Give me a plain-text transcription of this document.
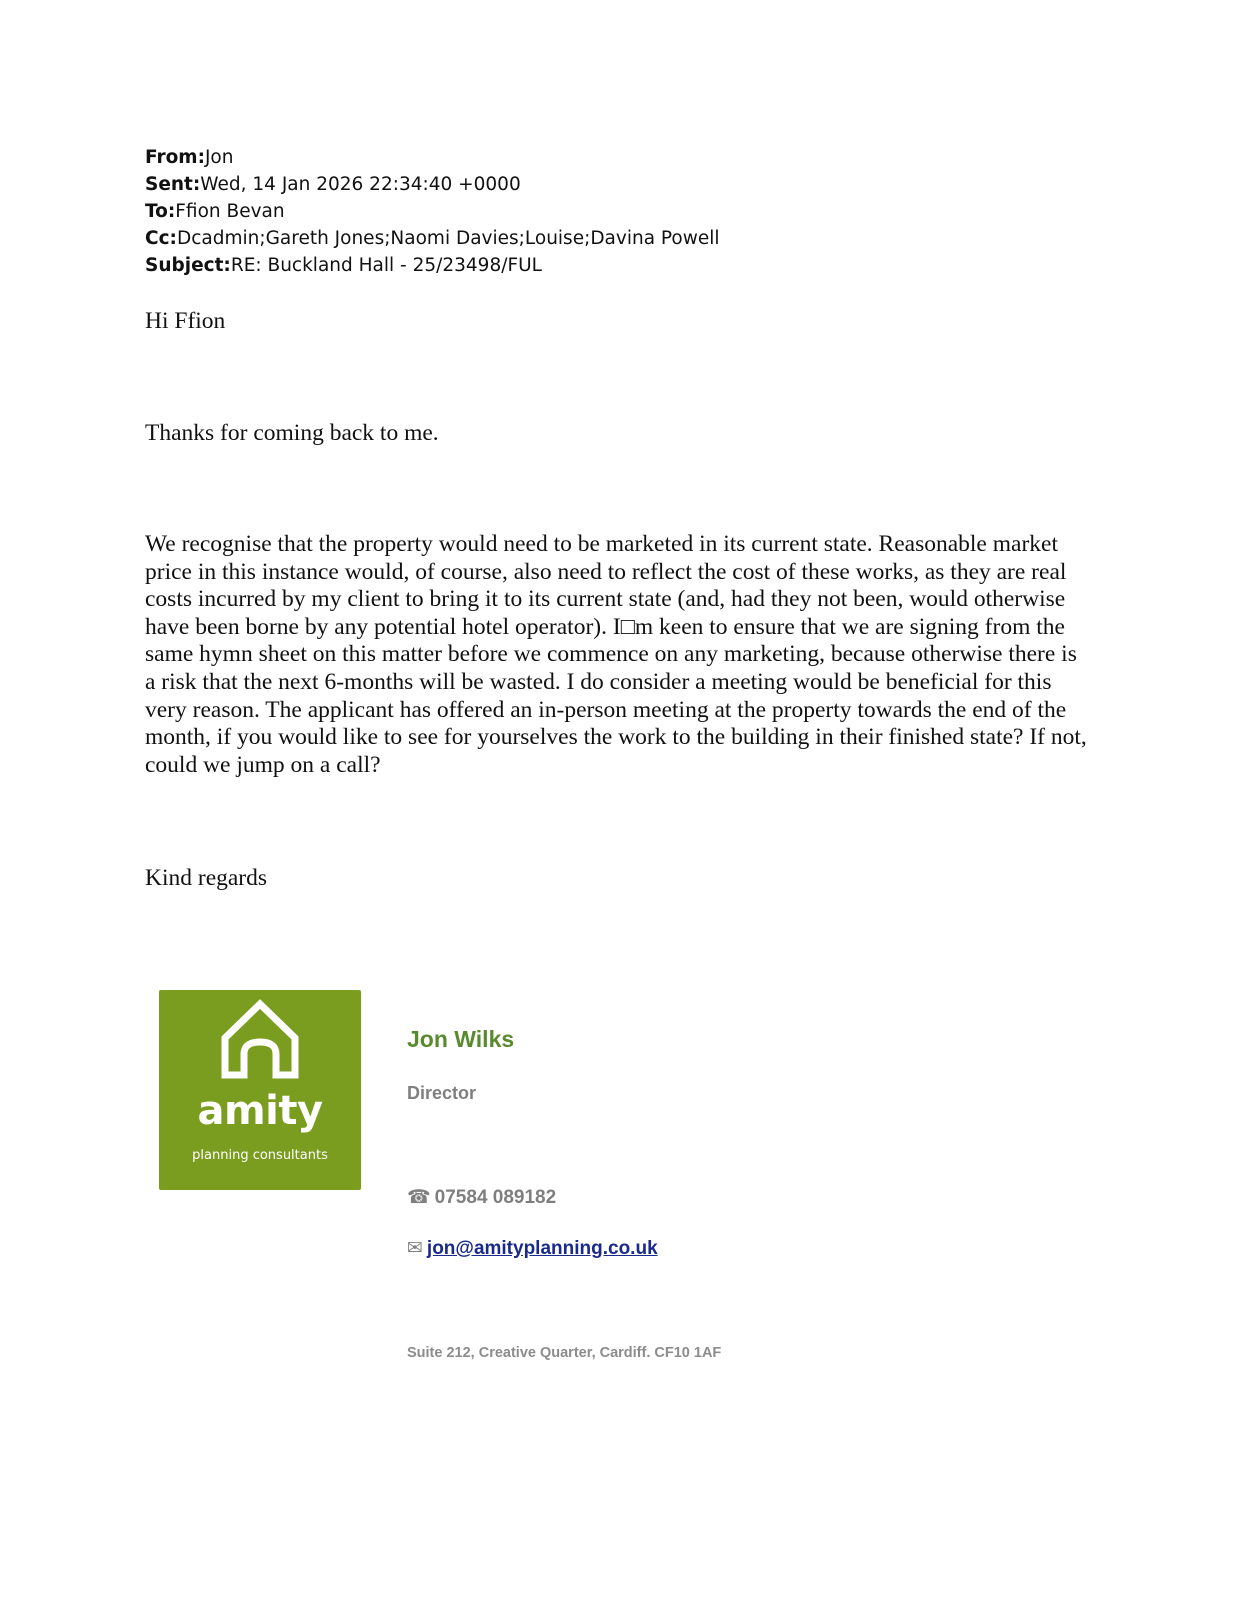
From:Jon
Sent:Wed, 14 Jan 2026 22:34:40 +0000
To:Ffion Bevan
Cc:Dcadmin;Gareth Jones;Naomi Davies;Louise;Davina Powell
Subject:RE: Buckland Hall - 25/23498/FUL
Hi Ffion
Thanks for coming back to me.
We recognise that the property would need to be marketed in its current state. Reasonable market price in this instance would, of course, also need to reflect the cost of these works, as they are real costs incurred by my client to bring it to its current state (and, had they not been, would otherwise have been borne by any potential hotel operator). I□m keen to ensure that we are signing from the same hymn sheet on this matter before we commence on any marketing, because otherwise there is a risk that the next 6-months will be wasted. I do consider a meeting would be beneficial for this very reason. The applicant has offered an in-person meeting at the property towards the end of the month, if you would like to see for yourselves the work to the building in their finished state? If not, could we jump on a call?
Kind regards
amity
planning consultants
Jon Wilks
Director
☎ 07584 089182
✉ jon@amityplanning.co.uk
Suite 212, Creative Quarter, Cardiff. CF10 1AF
